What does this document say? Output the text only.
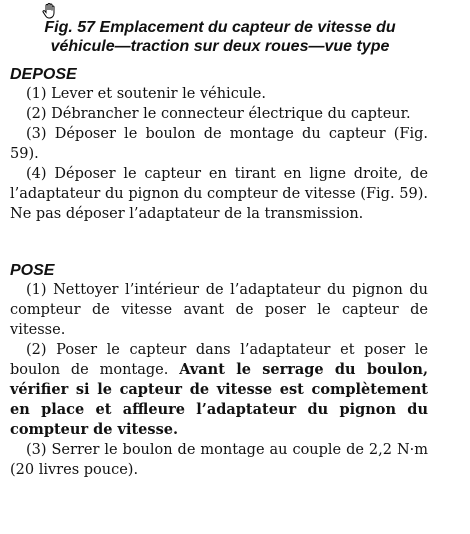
Fig. 57 Emplacement du capteur de vitesse du
véhicule—traction sur deux roues—vue type
DEPOSE

(1) Lever et soutenir le véhicule.

(2) Débrancher le connecteur électrique du capteur.

(3) Déposer le boulon de montage du capteur (Fig. 59).

(4) Déposer le capteur en tirant en ligne droite, de l’adaptateur du pignon du compteur de vitesse (Fig. 59). Ne pas déposer l’adaptateur de la transmission.

POSE

(1) Nettoyer l’intérieur de l’adaptateur du pignon du compteur de vitesse avant de poser le capteur de vitesse.

(2) Poser le capteur dans l’adaptateur et poser le boulon de montage. Avant le serrage du boulon, vérifier si le capteur de vitesse est complètement en place et affleure l’adaptateur du pignon du compteur de vitesse.

(3) Serrer le boulon de montage au couple de 2,2 N·m (20 livres pouce).
